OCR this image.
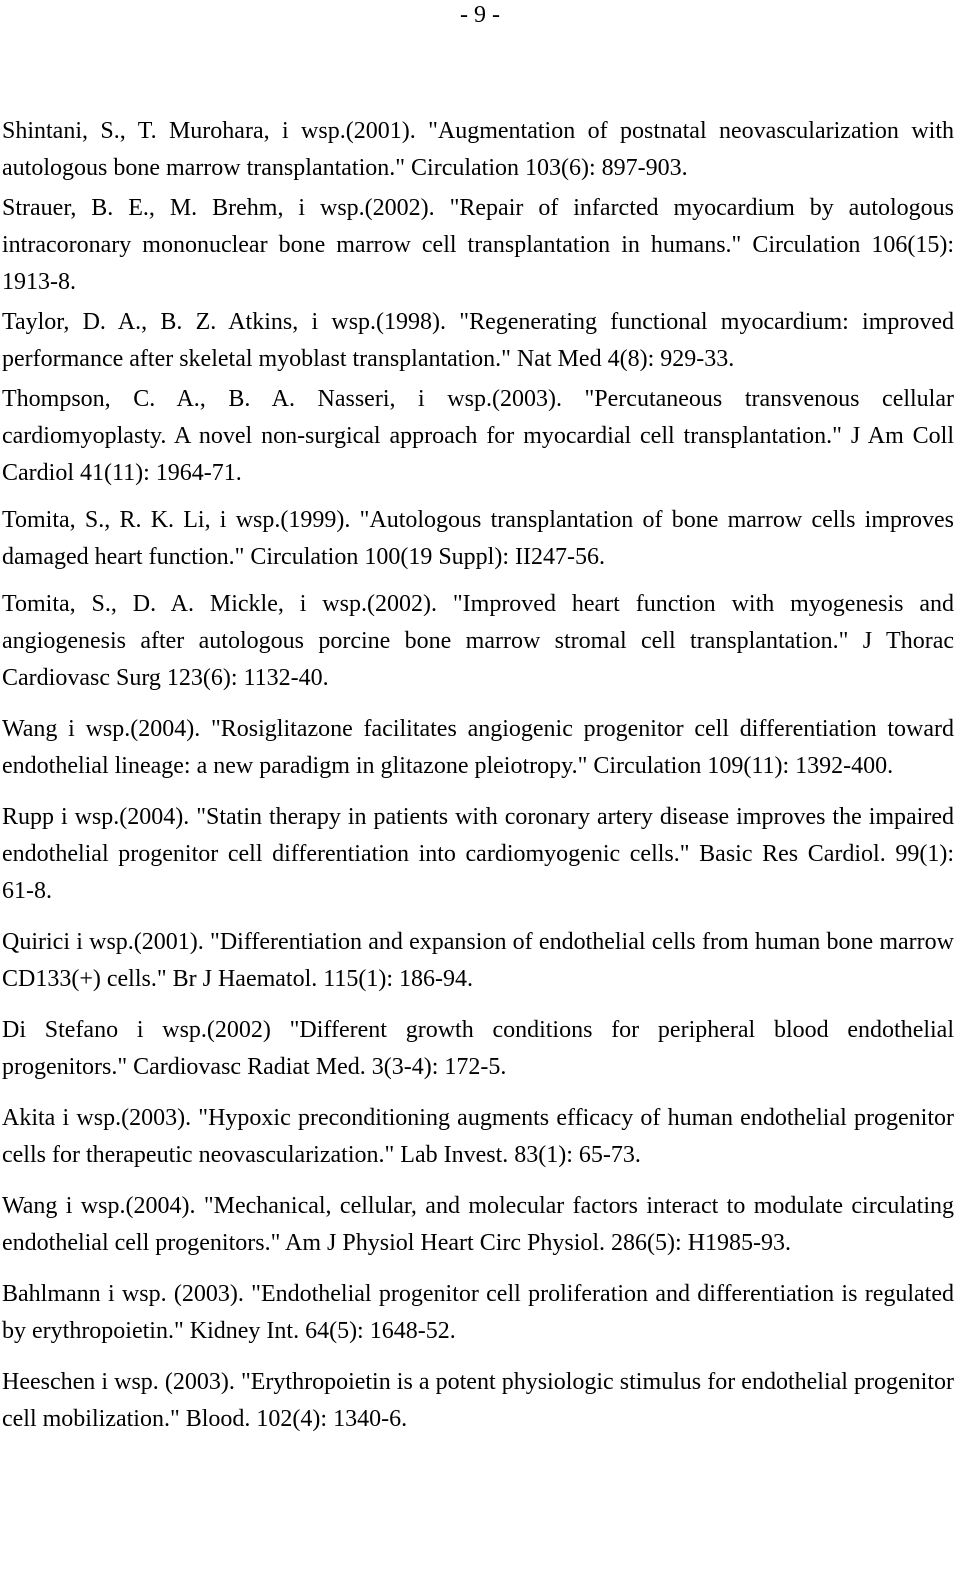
- 9 -

Shintani, S., T. Murohara, i wsp.(2001). "Augmentation of postnatal neovascularization with autologous bone marrow transplantation." Circulation 103(6): 897-903.

Strauer, B. E., M. Brehm, i wsp.(2002). "Repair of infarcted myocardium by autologous intracoronary mononuclear bone marrow cell transplantation in humans." Circulation 106(15): 1913-8.

Taylor, D. A., B. Z. Atkins, i wsp.(1998). "Regenerating functional myocardium: improved performance after skeletal myoblast transplantation." Nat Med 4(8): 929-33.

Thompson, C. A., B. A. Nasseri, i wsp.(2003). "Percutaneous transvenous cellular cardiomyoplasty. A novel non-surgical approach for myocardial cell transplantation." J Am Coll Cardiol 41(11): 1964-71.

Tomita, S., R. K. Li, i wsp.(1999). "Autologous transplantation of bone marrow cells improves damaged heart function." Circulation 100(19 Suppl): II247-56.

Tomita, S., D. A. Mickle, i wsp.(2002). "Improved heart function with myogenesis and angiogenesis after autologous porcine bone marrow stromal cell transplantation." J Thorac Cardiovasc Surg 123(6): 1132-40.

Wang i wsp.(2004). "Rosiglitazone facilitates angiogenic progenitor cell differentiation toward endothelial lineage: a new paradigm in glitazone pleiotropy." Circulation 109(11): 1392-400.

Rupp i wsp.(2004). "Statin therapy in patients with coronary artery disease improves the impaired endothelial progenitor cell differentiation into cardiomyogenic cells." Basic Res Cardiol. 99(1): 61-8.

Quirici i wsp.(2001). "Differentiation and expansion of endothelial cells from human bone marrow CD133(+) cells." Br J Haematol. 115(1): 186-94.

Di Stefano i wsp.(2002) "Different growth conditions for peripheral blood endothelial progenitors." Cardiovasc Radiat Med. 3(3-4): 172-5.

Akita i wsp.(2003). "Hypoxic preconditioning augments efficacy of human endothelial progenitor cells for therapeutic neovascularization." Lab Invest. 83(1): 65-73.

Wang i wsp.(2004). "Mechanical, cellular, and molecular factors interact to modulate circulating endothelial cell progenitors." Am J Physiol Heart Circ Physiol. 286(5): H1985-93.

Bahlmann i wsp. (2003). "Endothelial progenitor cell proliferation and differentiation is regulated by erythropoietin." Kidney Int. 64(5): 1648-52.

Heeschen i wsp. (2003). "Erythropoietin is a potent physiologic stimulus for endothelial progenitor cell mobilization." Blood. 102(4): 1340-6.
